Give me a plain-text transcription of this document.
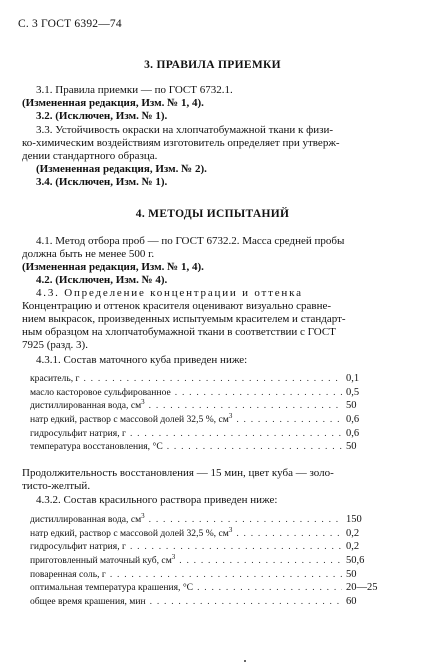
С. 3 ГОСТ 6392—74
3. ПРАВИЛА ПРИЕМКИ
3.1. Правила приемки — по ГОСТ 6732.1.
(Измененная редакция, Изм. № 1, 4).
3.2. (Исключен, Изм. № 1).
3.3. Устойчивость окраски на хлопчатобумажной ткани к физи-
ко-химическим воздействиям изготовитель определяет при утверж-
дении стандартного образца.
(Измененная редакция, Изм. № 2).
3.4. (Исключен, Изм. № 1).
4. МЕТОДЫ ИСПЫТАНИЙ
4.1. Метод отбора проб — по ГОСТ 6732.2. Масса средней пробы
должна быть не менее 500 г.
(Измененная редакция, Изм. № 1, 4).
4.2. (Исключен, Изм. № 4).
4.3. Определение концентрации и оттенка
Концентрацию и оттенок красителя оценивают визуально сравне-
нием выкрасок, произведенных испытуемым красителем и стандарт-
ным образцом на хлопчатобумажной ткани в соответствии с ГОСТ
7925 (разд. 3).
4.3.1. Состав маточного куба приведен ниже:
краситель, г . . .	0,1
масло касторовое сульфированное . . .	0,5
дистиллированная вода, $см^3$ . . .	50
натр едкий, раствор с массовой долей 32,5 %, $см^3$ . . .	0,6
гидросульфит натрия, г . . .	0,6
температура восстановления, °С . . .	50
Продолжительность восстановления — 15 мин, цвет куба — золо-
тисто-желтый.
4.3.2. Состав красильного раствора приведен ниже:
дистиллированная вода, $см^3$ . . .	150
натр едкий, раствор с массовой долей 32,5 %, $см^3$ . . .	0,2
гидросульфит натрия, г . . .	0,2
приготовленный маточный куб, $см^3$ . . .	50,6
поваренная соль, г . . .	50
оптимальная температура крашения, °С . . .	20—25
общее время крашения, мин . . .	60
